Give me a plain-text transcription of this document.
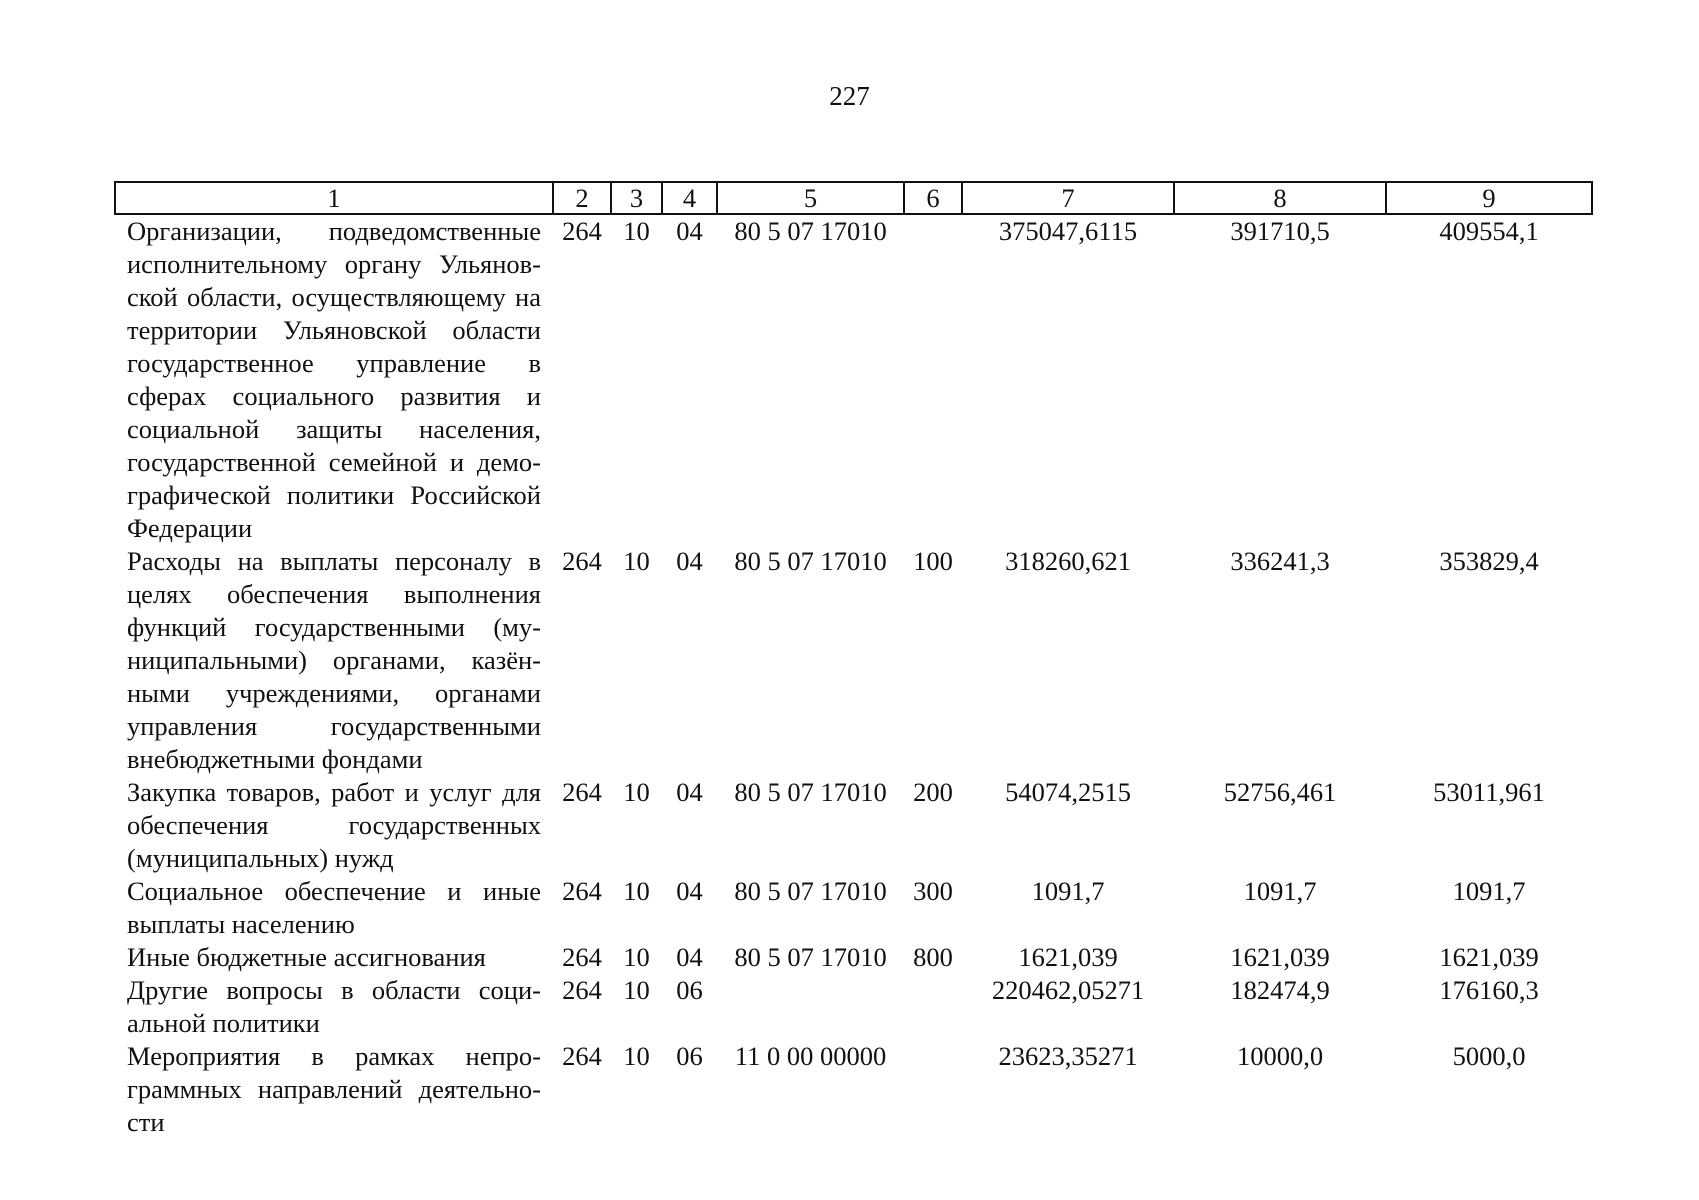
227
1	2	3	4	5	6	7	8	9
Организации, подведомственные исполнительному органу Ульяновской области, осуществляющему на территории Ульяновской области государственное управление в сферах социального развития и социальной защиты населения, государственной семейной и демографической политики Российской Федерации	264	10	04	80 5 07 17010		375047,6115	391710,5	409554,1
Расходы на выплаты персоналу в целях обеспечения выполнения функций государственными (муниципальными) органами, казёнными учреждениями, органами управления государственными внебюджетными фондами	264	10	04	80 5 07 17010	100	318260,621	336241,3	353829,4
Закупка товаров, работ и услуг для обеспечения государственных (муниципальных) нужд	264	10	04	80 5 07 17010	200	54074,2515	52756,461	53011,961
Социальное обеспечение и иные выплаты населению	264	10	04	80 5 07 17010	300	1091,7	1091,7	1091,7
Иные бюджетные ассигнования	264	10	04	80 5 07 17010	800	1621,039	1621,039	1621,039
Другие вопросы в области социальной политики	264	10	06			220462,05271	182474,9	176160,3
Мероприятия в рамках непрограммных направлений деятельности	264	10	06	11 0 00 00000		23623,35271	10000,0	5000,0
